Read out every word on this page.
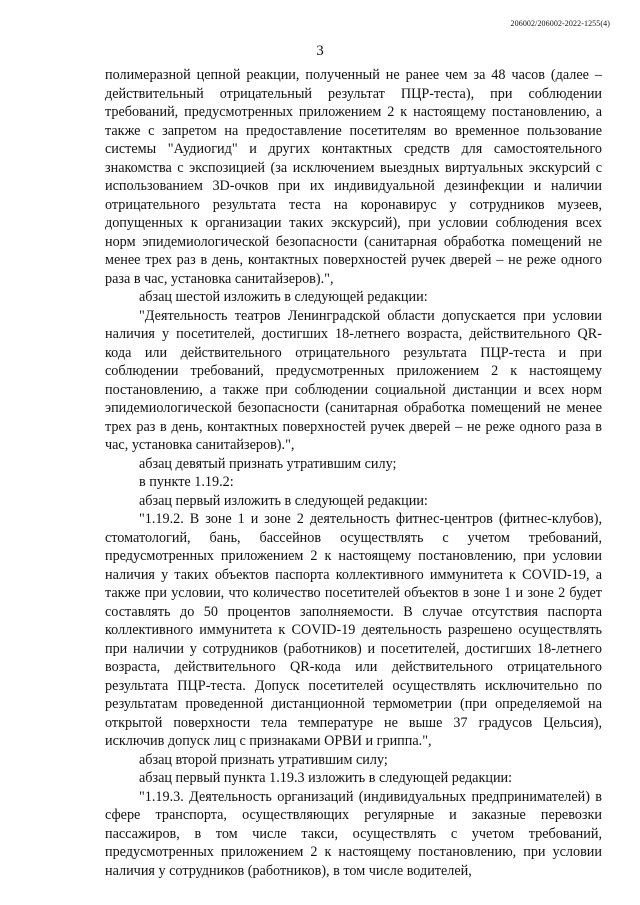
206002/206002-2022-1255(4)
3

полимеразной цепной реакции, полученный не ранее чем за 48 часов (далее – действительный отрицательный результат ПЦР-теста), при соблюдении требований, предусмотренных приложением 2 к настоящему постановлению, а также с запретом на предоставление посетителям во временное пользование системы "Аудиогид" и других контактных средств для самостоятельного знакомства с экспозицией (за исключением выездных виртуальных экскурсий с использованием 3D-очков при их индивидуальной дезинфекции и наличии отрицательного результата теста на коронавирус у сотрудников музеев, допущенных к организации таких экскурсий), при условии соблюдения всех норм эпидемиологической безопасности (санитарная обработка помещений не менее трех раз в день, контактных поверхностей ручек дверей – не реже одного раза в час, установка санитайзеров).",

абзац шестой изложить в следующей редакции:

"Деятельность театров Ленинградской области допускается при условии наличия у посетителей, достигших 18-летнего возраста, действительного QR-кода или действительного отрицательного результата ПЦР-теста и при соблюдении требований, предусмотренных приложением 2 к настоящему постановлению, а также при соблюдении социальной дистанции и всех норм эпидемиологической безопасности (санитарная обработка помещений не менее трех раз в день, контактных поверхностей ручек дверей – не реже одного раза в час, установка санитайзеров).",

абзац девятый признать утратившим силу;

в пункте 1.19.2:

абзац первый изложить в следующей редакции:

"1.19.2. В зоне 1 и зоне 2 деятельность фитнес-центров (фитнес-клубов), стоматологий, бань, бассейнов осуществлять с учетом требований, предусмотренных приложением 2 к настоящему постановлению, при условии наличия у таких объектов паспорта коллективного иммунитета к COVID-19, а также при условии, что количество посетителей объектов в зоне 1 и зоне 2 будет составлять до 50 процентов заполняемости. В случае отсутствия паспорта коллективного иммунитета к COVID-19 деятельность разрешено осуществлять при наличии у сотрудников (работников) и посетителей, достигших 18-летнего возраста, действительного QR-кода или действительного отрицательного результата ПЦР-теста. Допуск посетителей осуществлять исключительно по результатам проведенной дистанционной термометрии (при определяемой на открытой поверхности тела температуре не выше 37 градусов Цельсия), исключив допуск лиц с признаками ОРВИ и гриппа.",

абзац второй признать утратившим силу;

абзац первый пункта 1.19.3 изложить в следующей редакции:

"1.19.3. Деятельность организаций (индивидуальных предпринимателей) в сфере транспорта, осуществляющих регулярные и заказные перевозки пассажиров, в том числе такси, осуществлять с учетом требований, предусмотренных приложением 2 к настоящему постановлению, при условии наличия у сотрудников (работников), в том числе водителей,
